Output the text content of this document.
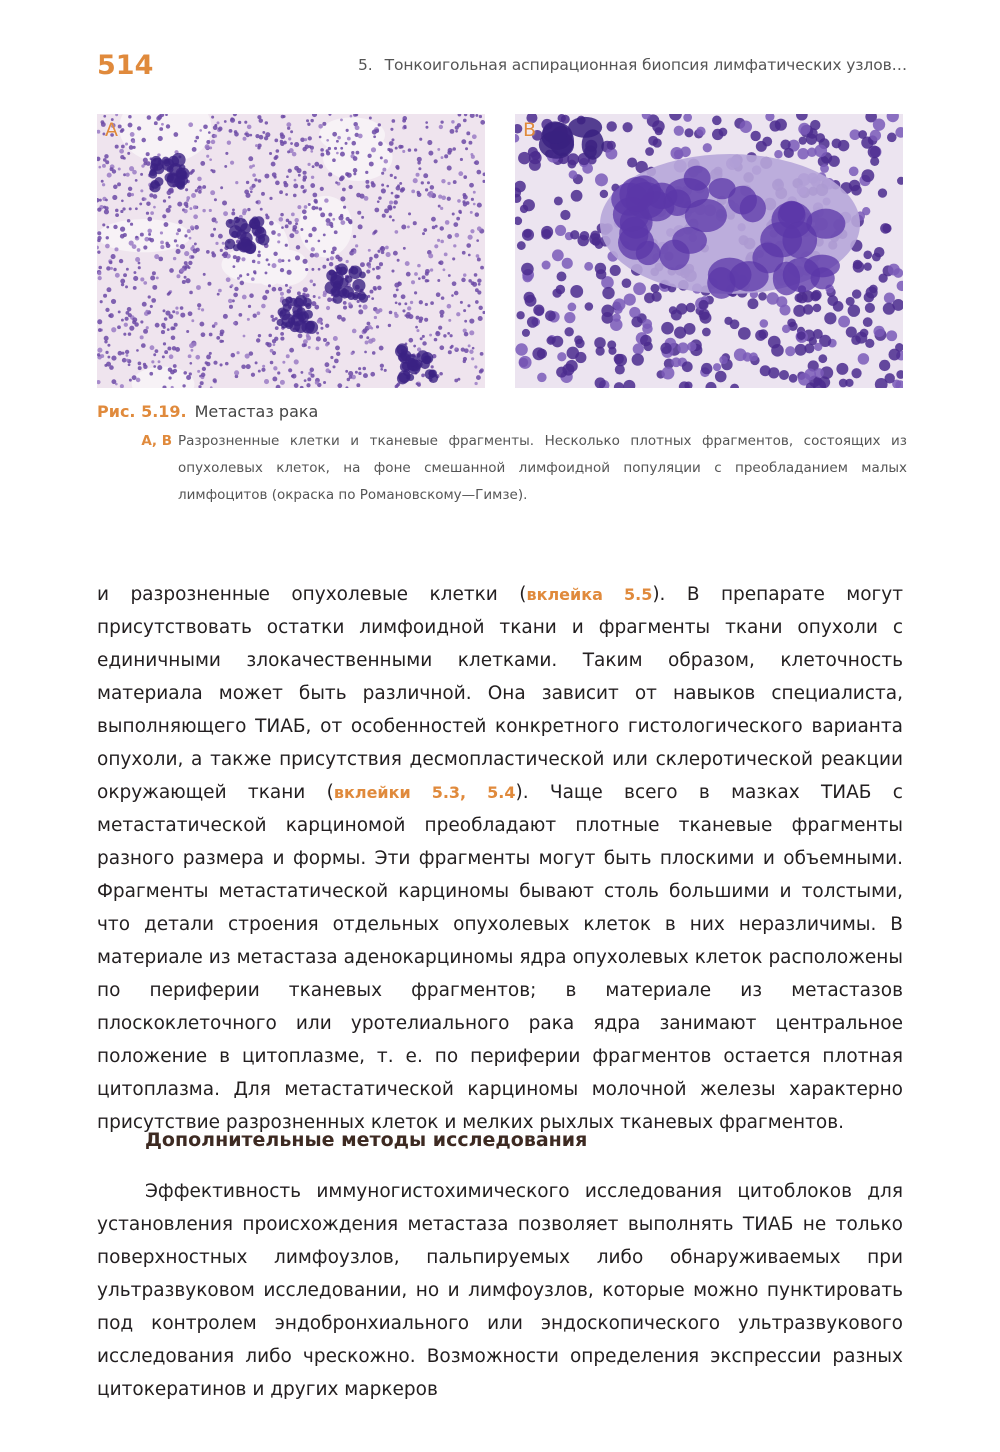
514	5. Тонкоигольная аспирационная биопсия лимфатических узлов…
A	B
Рис. 5.19. Метастаз рака
А, В Разрозненные клетки и тканевые фрагменты. Несколько плотных фрагментов, состоящих из опухолевых клеток, на фоне смешанной лимфоидной популяции с преобладанием малых лимфоцитов (окраска по Романовскому—Гимзе).

и разрозненные опухолевые клетки (вклейка 5.5). В препарате могут присутствовать остатки лимфоидной ткани и фрагменты ткани опухоли с единичными злокачественными клетками. Таким образом, клеточность материала может быть различной. Она зависит от навыков специалиста, выполняющего ТИАБ, от особенностей конкретного гистологического варианта опухоли, а также присутствия десмопластической или склеротической реакции окружающей ткани (вклейки 5.3, 5.4). Чаще всего в мазках ТИАБ с метастатической карциномой преобладают плотные тканевые фрагменты разного размера и формы. Эти фрагменты могут быть плоскими и объемными. Фрагменты метастатической карциномы бывают столь большими и толстыми, что детали строения отдельных опухолевых клеток в них неразличимы. В материале из метастаза аденокарциномы ядра опухолевых клеток расположены по периферии тканевых фрагментов; в материале из метастазов плоскоклеточного или уротелиального рака ядра занимают центральное положение в цитоплазме, т. е. по периферии фрагментов остается плотная цитоплазма. Для метастатической карциномы молочной железы характерно присутствие разрозненных клеток и мелких рыхлых тканевых фрагментов.

Дополнительные методы исследования

Эффективность иммуногистохимического исследования цитоблоков для установления происхождения метастаза позволяет выполнять ТИАБ не только поверхностных лимфоузлов, пальпируемых либо обнаруживаемых при ультразвуковом исследовании, но и лимфоузлов, которые можно пунктировать под контролем эндобронхиального или эндоскопического ультразвукового исследования либо чрескожно. Возможности определения экспрессии разных цитокератинов и других маркеров
